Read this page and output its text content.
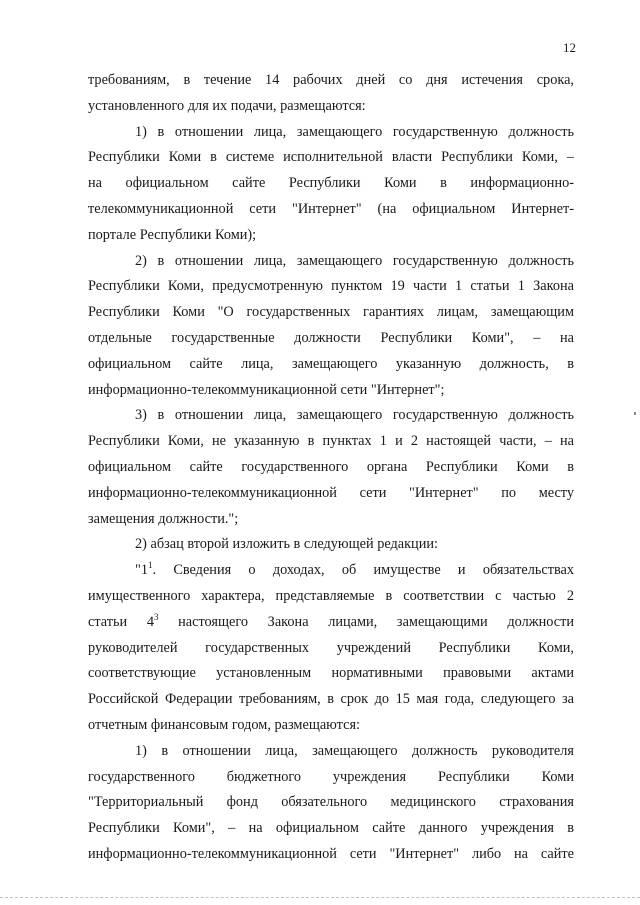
12
требованиям, в течение 14 рабочих дней со дня истечения срока,
установленного для их подачи, размещаются:
1) в отношении лица, замещающего государственную должность
Республики Коми в системе исполнительной власти Республики Коми, –
на официальном сайте Республики Коми в информационно-
телекоммуникационной сети "Интернет" (на официальном Интернет-
портале Республики Коми);
2) в отношении лица, замещающего государственную должность
Республики Коми, предусмотренную пунктом 19 части 1 статьи 1 Закона
Республики Коми "О государственных гарантиях лицам, замещающим
отдельные государственные должности Республики Коми", – на
официальном сайте лица, замещающего указанную должность, в
информационно-телекоммуникационной сети "Интернет";
3) в отношении лица, замещающего государственную должность
Республики Коми, не указанную в пунктах 1 и 2 настоящей части, – на
официальном сайте государственного органа Республики Коми в
информационно-телекоммуникационной сети "Интернет" по месту
замещения должности.";
2) абзац второй изложить в следующей редакции:
"$1^1$. Сведения о доходах, об имуществе и обязательствах
имущественного характера, представляемые в соответствии с частью 2
статьи $4^3$ настоящего Закона лицами, замещающими должности
руководителей государственных учреждений Республики Коми,
соответствующие установленным нормативными правовыми актами
Российской Федерации требованиям, в срок до 15 мая года, следующего за
отчетным финансовым годом, размещаются:
1) в отношении лица, замещающего должность руководителя
государственного бюджетного учреждения Республики Коми
"Территориальный фонд обязательного медицинского страхования
Республики Коми", – на официальном сайте данного учреждения в
информационно-телекоммуникационной сети "Интернет" либо на сайте
